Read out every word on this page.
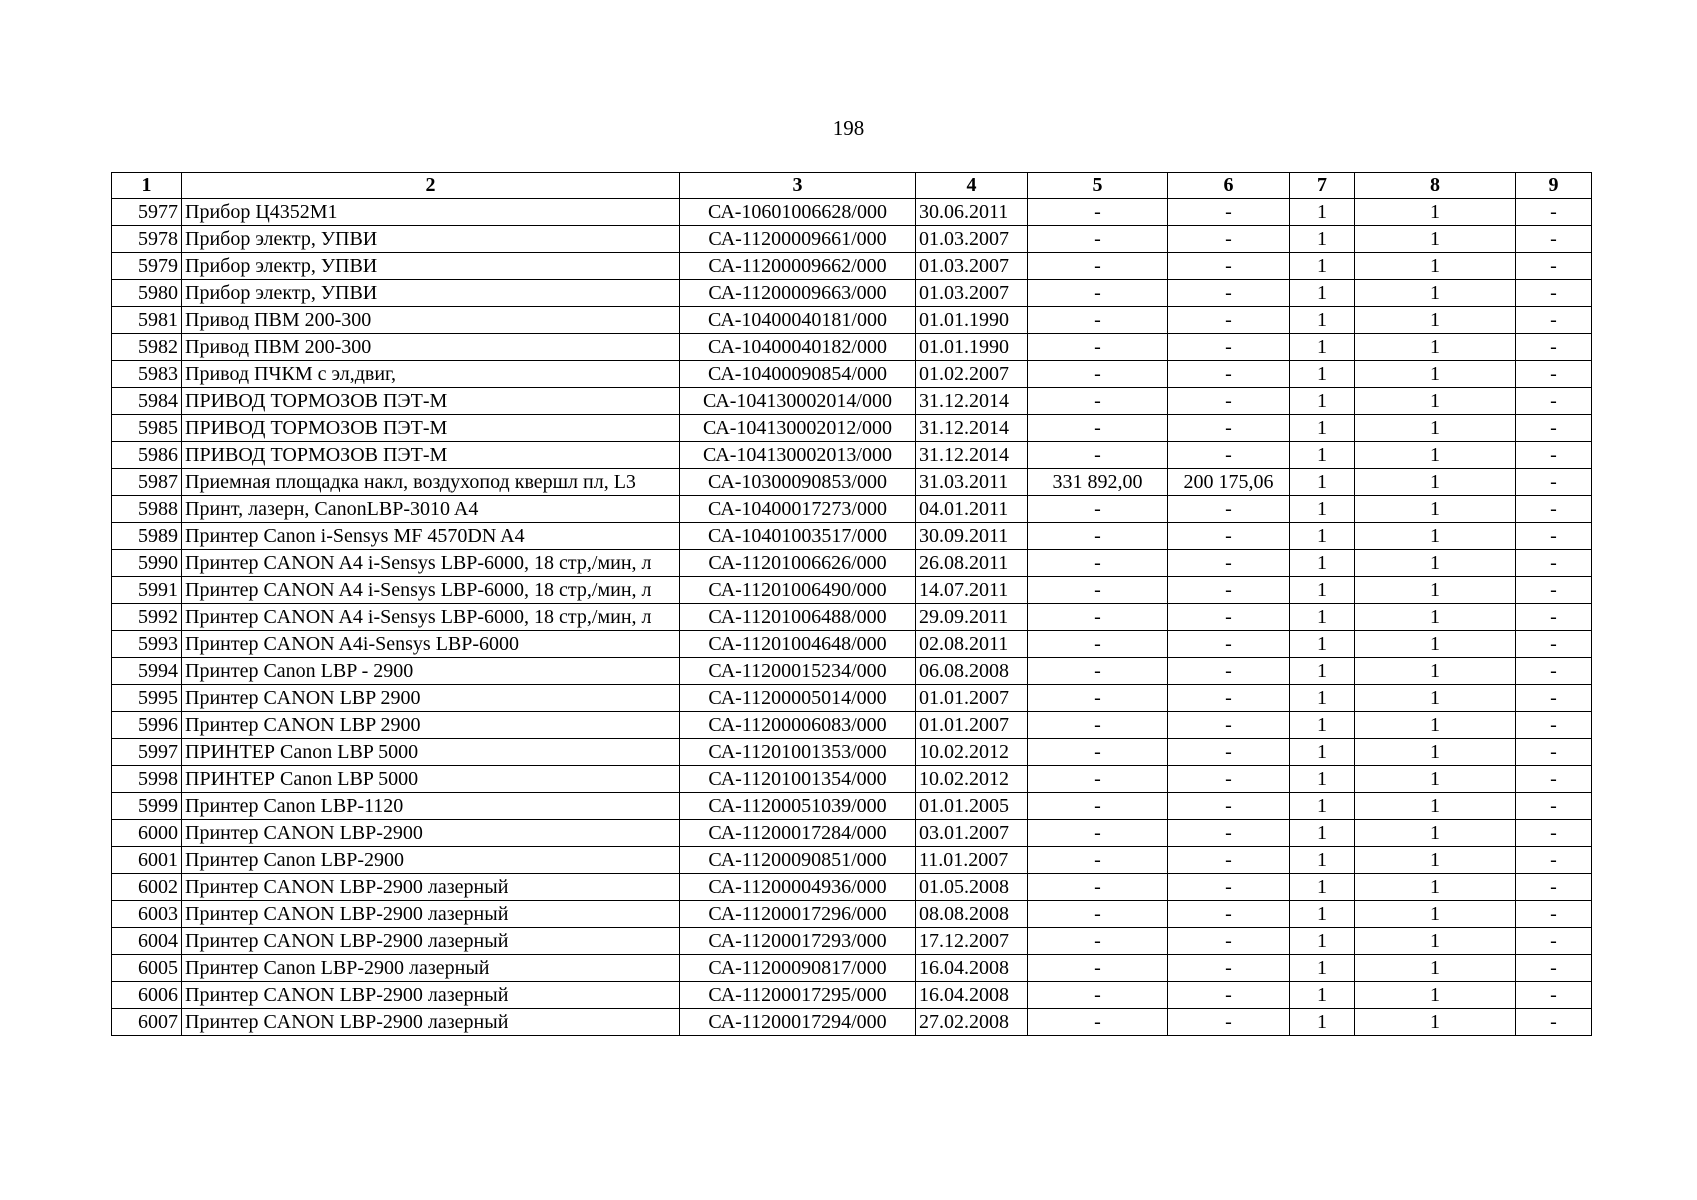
198
1	2	3	4	5	6	7	8	9
5977	Прибор Ц4352М1	СА-10601006628/000	30.06.2011	-	-	1	1	-
5978	Прибор электр, УПВИ	СА-11200009661/000	01.03.2007	-	-	1	1	-
5979	Прибор электр, УПВИ	СА-11200009662/000	01.03.2007	-	-	1	1	-
5980	Прибор электр, УПВИ	СА-11200009663/000	01.03.2007	-	-	1	1	-
5981	Привод ПВМ 200-300	СА-10400040181/000	01.01.1990	-	-	1	1	-
5982	Привод ПВМ 200-300	СА-10400040182/000	01.01.1990	-	-	1	1	-
5983	Привод ПЧКМ с эл,двиг,	СА-10400090854/000	01.02.2007	-	-	1	1	-
5984	ПРИВОД ТОРМОЗОВ ПЭТ-М	СА-104130002014/000	31.12.2014	-	-	1	1	-
5985	ПРИВОД ТОРМОЗОВ ПЭТ-М	СА-104130002012/000	31.12.2014	-	-	1	1	-
5986	ПРИВОД ТОРМОЗОВ ПЭТ-М	СА-104130002013/000	31.12.2014	-	-	1	1	-
5987	Приемная площадка накл, воздухопод квершл пл, L3	СА-10300090853/000	31.03.2011	331 892,00	200 175,06	1	1	-
5988	Принт, лазерн, CanonLBP-3010 A4	СА-10400017273/000	04.01.2011	-	-	1	1	-
5989	Принтер Canon i-Sensys MF 4570DN A4	СА-10401003517/000	30.09.2011	-	-	1	1	-
5990	Принтер CANON A4 i-Sensys LBP-6000, 18 стр,/мин, л	СА-11201006626/000	26.08.2011	-	-	1	1	-
5991	Принтер CANON A4 i-Sensys LBP-6000, 18 стр,/мин, л	СА-11201006490/000	14.07.2011	-	-	1	1	-
5992	Принтер CANON A4 i-Sensys LBP-6000, 18 стр,/мин, л	СА-11201006488/000	29.09.2011	-	-	1	1	-
5993	Принтер CANON A4i-Sensys LBP-6000	СА-11201004648/000	02.08.2011	-	-	1	1	-
5994	Принтер Canon LBP - 2900	СА-11200015234/000	06.08.2008	-	-	1	1	-
5995	Принтер CANON LBP 2900	СА-11200005014/000	01.01.2007	-	-	1	1	-
5996	Принтер CANON LBP 2900	СА-11200006083/000	01.01.2007	-	-	1	1	-
5997	ПРИНТЕР Canon LBP 5000	СА-11201001353/000	10.02.2012	-	-	1	1	-
5998	ПРИНТЕР Canon LBP 5000	СА-11201001354/000	10.02.2012	-	-	1	1	-
5999	Принтер Canon LBP-1120	СА-11200051039/000	01.01.2005	-	-	1	1	-
6000	Принтер CANON LBP-2900	СА-11200017284/000	03.01.2007	-	-	1	1	-
6001	Принтер Canon LBP-2900	СА-11200090851/000	11.01.2007	-	-	1	1	-
6002	Принтер CANON LBP-2900 лазерный	СА-11200004936/000	01.05.2008	-	-	1	1	-
6003	Принтер CANON LBP-2900 лазерный	СА-11200017296/000	08.08.2008	-	-	1	1	-
6004	Принтер CANON LBP-2900 лазерный	СА-11200017293/000	17.12.2007	-	-	1	1	-
6005	Принтер Canon LBP-2900 лазерный	СА-11200090817/000	16.04.2008	-	-	1	1	-
6006	Принтер CANON LBP-2900 лазерный	СА-11200017295/000	16.04.2008	-	-	1	1	-
6007	Принтер CANON LBP-2900 лазерный	СА-11200017294/000	27.02.2008	-	-	1	1	-
